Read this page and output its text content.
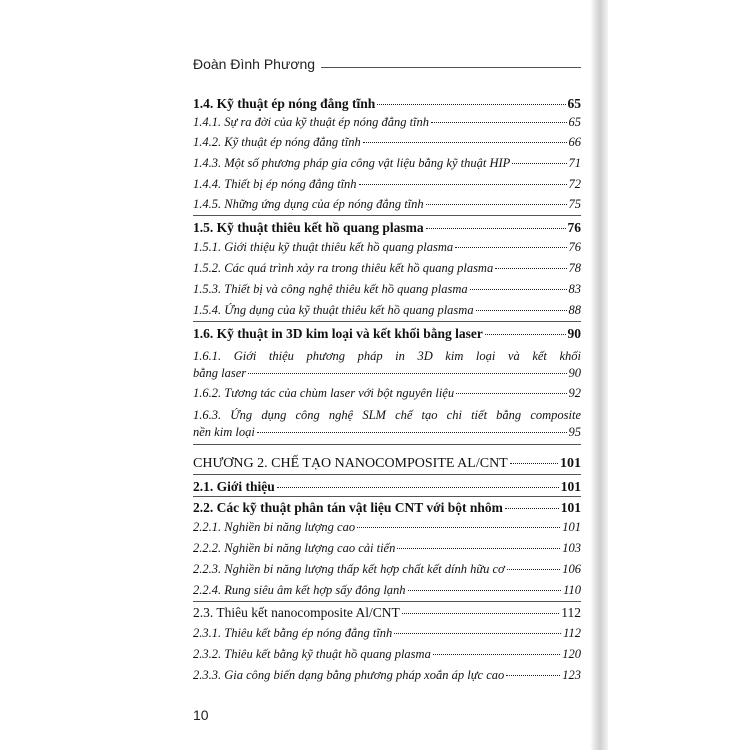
Đoàn Đình Phương
1.4. Kỹ thuật ép nóng đẳng tĩnh	65
1.4.1. Sự ra đời của kỹ thuật ép nóng đẳng tĩnh	65
1.4.2. Kỹ thuật ép nóng đẳng tĩnh	66
1.4.3. Một số phương pháp gia công vật liệu bằng kỹ thuật HIP	71
1.4.4. Thiết bị ép nóng đẳng tĩnh	72
1.4.5. Những ứng dụng của ép nóng đẳng tĩnh	75
1.5. Kỹ thuật thiêu kết hồ quang plasma	76
1.5.1. Giới thiệu kỹ thuật thiêu kết hồ quang plasma	76
1.5.2. Các quá trình xảy ra trong thiêu kết hồ quang plasma	78
1.5.3. Thiết bị và công nghệ thiêu kết hồ quang plasma	83
1.5.4. Ứng dụng của kỹ thuật thiêu kết hồ quang plasma	88
1.6. Kỹ thuật in 3D kim loại và kết khối bằng laser	90
1.6.1. Giới thiệu phương pháp in 3D kim loại và kết khối
bằng laser	90
1.6.2. Tương tác của chùm laser với bột nguyên liệu	92
1.6.3. Ứng dụng công nghệ SLM chế tạo chi tiết bằng composite
nền kim loại	95
CHƯƠNG 2. CHẾ TẠO NANOCOMPOSITE AL/CNT	101
2.1. Giới thiệu	101
2.2. Các kỹ thuật phân tán vật liệu CNT với bột nhôm	101
2.2.1. Nghiền bi năng lượng cao	101
2.2.2. Nghiền bi năng lượng cao cải tiến	103
2.2.3. Nghiền bi năng lượng thấp kết hợp chất kết dính hữu cơ	106
2.2.4. Rung siêu âm kết hợp sấy đông lạnh	110
2.3. Thiêu kết nanocomposite Al/CNT	112
2.3.1. Thiêu kết bằng ép nóng đẳng tĩnh	112
2.3.2. Thiêu kết bằng kỹ thuật hồ quang plasma	120
2.3.3. Gia công biến dạng bằng phương pháp xoắn áp lực cao	123
10
